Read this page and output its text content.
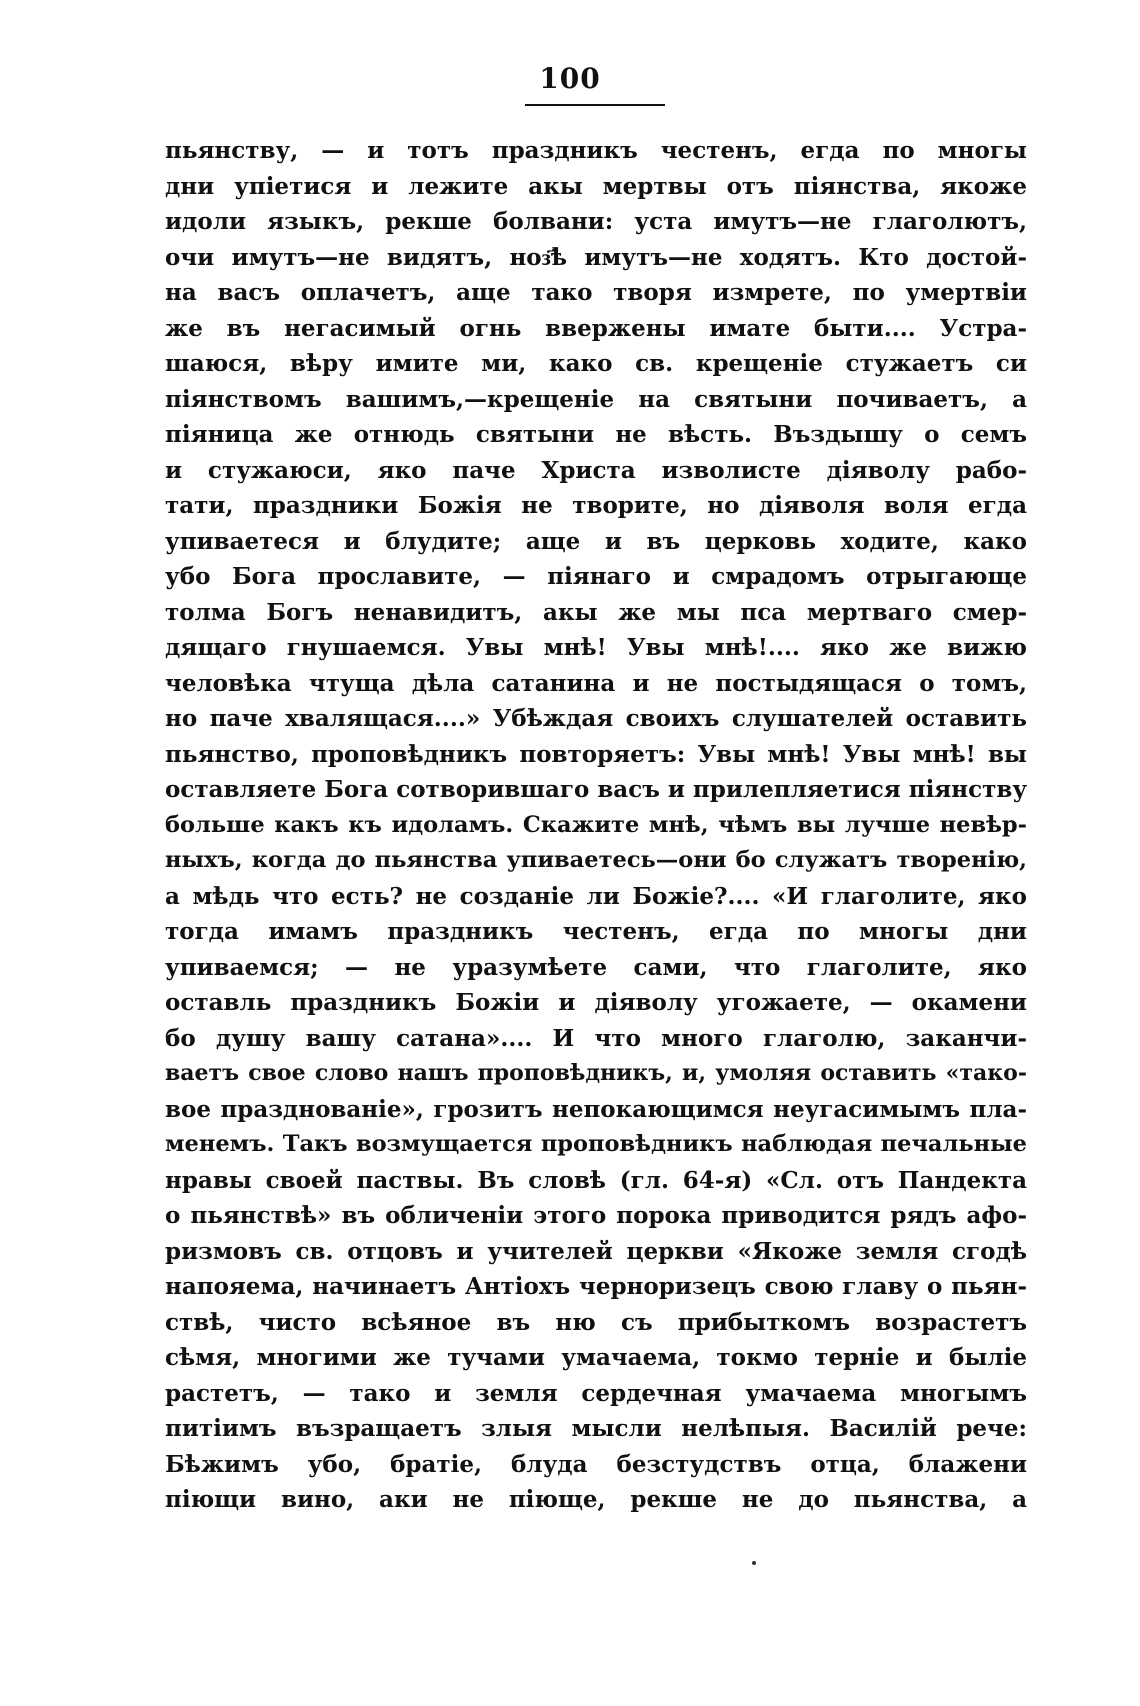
100
пьянству, — и тотъ праздникъ честенъ, егда по многы
дни упiетися и лежите акы мертвы отъ пiянства, якоже
идоли языкъ, рекше болвани: уста имутъ—не глаголютъ,
очи имутъ—не видятъ, ноз҃ѣ имутъ—не ходятъ. Кто достой-
на васъ оплачетъ, аще тако творя измрете, по умертвiи
же въ негасимый огнь ввержены имате быти.... Устра-
шаюся, вѣру имите ми, како св. крещенiе стужаетъ си
пiянствомъ вашимъ,—крещенiе на святыни почиваетъ, а
пiяница же отнюдь святыни не вѣсть. Въздышу о семъ
и стужаюси, яко паче Христа изволисте дiяволу рабо-
тати, праздники Божiя не творите, но дiяволя воля егда
упиваетеся и блудите; аще и въ церковь ходите, како
убо Бога прославите, — пiянаго и смрадомъ отрыгающе
толма Богъ ненавидитъ, акы же мы пса мертваго смер-
дящаго гнушаемся. Увы мнѣ! Увы мнѣ!.... яко же вижю
человѣка чтуща дѣла сатанина и не постыдящася о томъ,
но паче хвалящася....» Убѣждая своихъ слушателей оставить
пьянство, проповѣдникъ повторяетъ: Увы мнѣ! Увы мнѣ! вы
оставляете Бога сотворившаго васъ и прилепляетися пiянству
больше какъ къ идоламъ. Скажите мнѣ, чѣмъ вы лучше невѣр-
ныхъ, когда до пьянства упиваетесь—они бо служатъ творенiю,
а мѣдь что есть? не созданiе ли Божiе?.... «И глаголите, яко
тогда имамъ праздникъ честенъ, егда по многы дни
упиваемся; — не уразумѣете сами, что глаголите, яко
оставль праздникъ Божiи и дiяволу угожаете, — окамени
бо душу вашу сатана».... И что много глаголю, заканчи-
ваетъ свое слово нашъ проповѣдникъ, и, умоляя оставить «тако-
вое празднованiе», грозитъ непокающимся неугасимымъ пла-
менемъ. Такъ возмущается проповѣдникъ наблюдая печальные
нравы своей паствы. Въ словѣ (гл. 64-я) «Сл. отъ Пандекта
о пьянствѣ» въ обличенiи этого порока приводится рядъ афо-
ризмовъ св. отцовъ и учителей церкви «Якоже земля сгодѣ
напояема, начинаетъ Антiохъ черноризецъ свою главу о пьян-
ствѣ, чисто всѣяное въ ню съ прибыткомъ возрастетъ
сѣмя, многими же тучами умачаема, токмо тернiе и былiе
растетъ, — тако и земля сердечная умачаема многымъ
питiимъ възращаетъ злыя мысли нелѣпыя. Василiй рече:
Бѣжимъ убо, братiе, блуда безстудствъ отца, блажени
пiющи вино, аки не пiюще, рекше не до пьянства, а
